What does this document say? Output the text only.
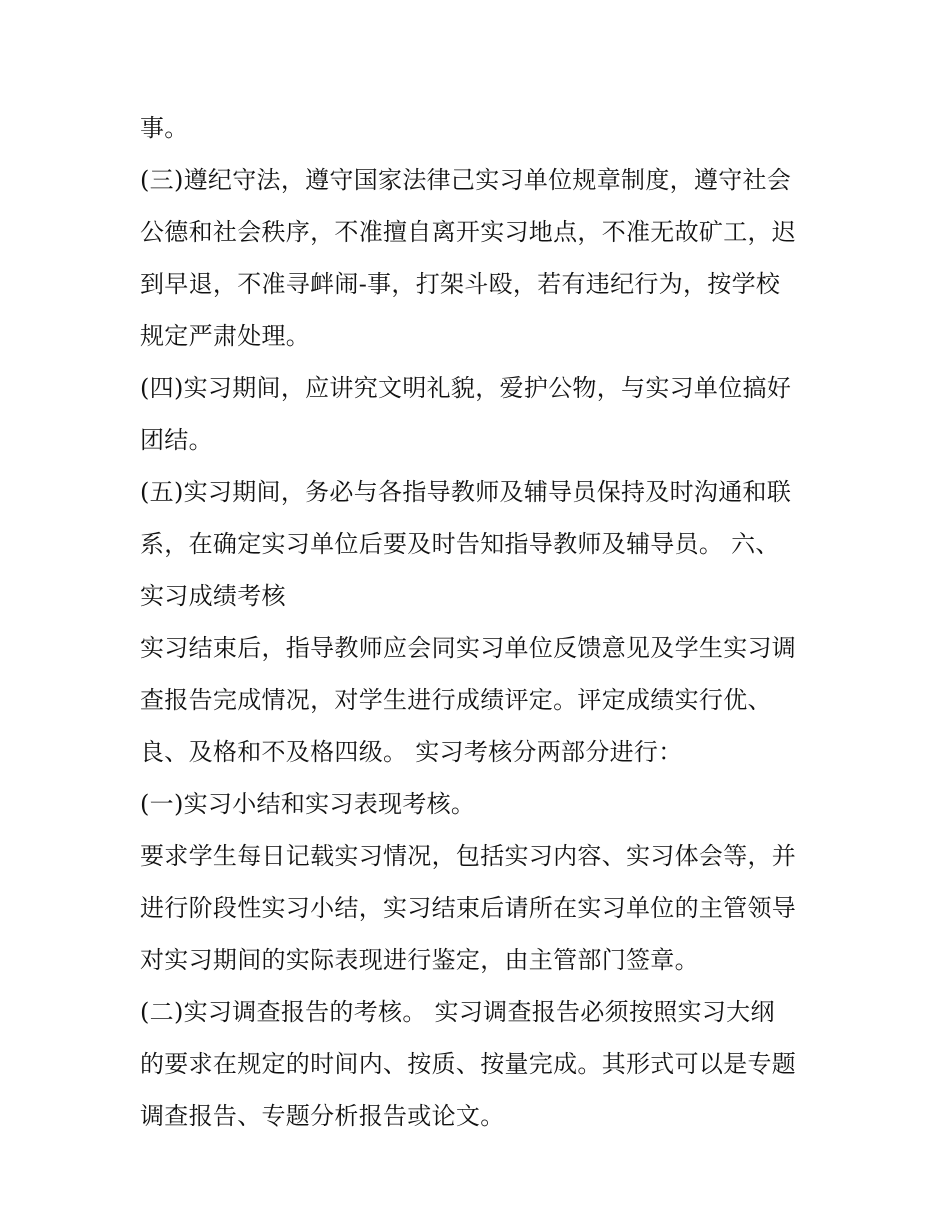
事。

(三)遵纪守法，遵守国家法律己实习单位规章制度，遵守社会

公德和社会秩序，不准擅自离开实习地点，不准无故矿工，迟

到早退，不准寻衅闹-事，打架斗殴，若有违纪行为，按学校

规定严肃处理。

(四)实习期间，应讲究文明礼貌，爱护公物，与实习单位搞好

团结。

(五)实习期间，务必与各指导教师及辅导员保持及时沟通和联

系，在确定实习单位后要及时告知指导教师及辅导员。 六、

实习成绩考核

实习结束后，指导教师应会同实习单位反馈意见及学生实习调

查报告完成情况，对学生进行成绩评定。评定成绩实行优、

良、及格和不及格四级。 实习考核分两部分进行：

(一)实习小结和实习表现考核。

要求学生每日记载实习情况，包括实习内容、实习体会等，并

进行阶段性实习小结，实习结束后请所在实习单位的主管领导

对实习期间的实际表现进行鉴定，由主管部门签章。

(二)实习调查报告的考核。 实习调查报告必须按照实习大纲

的要求在规定的时间内、按质、按量完成。其形式可以是专题

调查报告、专题分析报告或论文。
